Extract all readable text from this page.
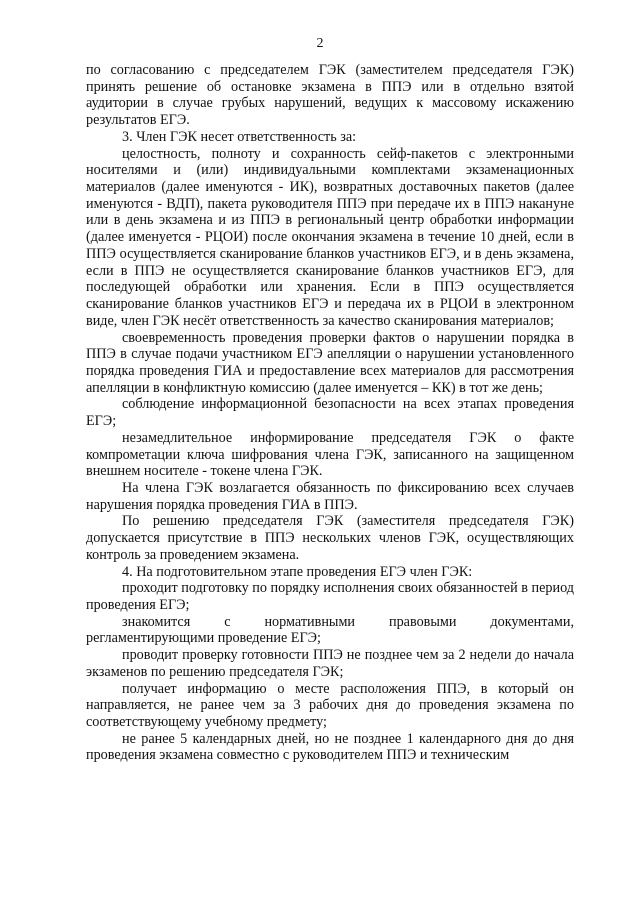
2

по согласованию с председателем ГЭК (заместителем председателя ГЭК) принять решение об остановке экзамена в ППЭ или в отдельно взятой аудитории в случае грубых нарушений, ведущих к массовому искажению результатов ЕГЭ.

3. Член ГЭК несет ответственность за:

целостность, полноту и сохранность сейф-пакетов с электронными носителями и (или) индивидуальными комплектами экзаменационных материалов (далее именуются - ИК), возвратных доставочных пакетов (далее именуются - ВДП), пакета руководителя ППЭ при передаче их в ППЭ накануне или в день экзамена и из ППЭ в региональный центр обработки информации (далее именуется - РЦОИ) после окончания экзамена в течение 10 дней, если в ППЭ осуществляется сканирование бланков участников ЕГЭ, и в день экзамена, если в ППЭ не осуществляется сканирование бланков участников ЕГЭ, для последующей обработки или хранения. Если в ППЭ осуществляется сканирование бланков участников ЕГЭ и передача их в РЦОИ в электронном виде, член ГЭК несёт ответственность за качество сканирования материалов;

своевременность проведения проверки фактов о нарушении порядка в ППЭ в случае подачи участником ЕГЭ апелляции о нарушении установленного порядка проведения ГИА и предоставление всех материалов для рассмотрения апелляции в конфликтную комиссию (далее именуется – КК) в тот же день;

соблюдение информационной безопасности на всех этапах проведения ЕГЭ;

незамедлительное информирование председателя ГЭК о факте компрометации ключа шифрования члена ГЭК, записанного на защищенном внешнем носителе - токене члена ГЭК.

На члена ГЭК возлагается обязанность по фиксированию всех случаев нарушения порядка проведения ГИА в ППЭ.

По решению председателя ГЭК (заместителя председателя ГЭК) допускается присутствие в ППЭ нескольких членов ГЭК, осуществляющих контроль за проведением экзамена.

4. На подготовительном этапе проведения ЕГЭ член ГЭК:

проходит подготовку по порядку исполнения своих обязанностей в период проведения ЕГЭ;

знакомится с нормативными правовыми документами, регламентирующими проведение ЕГЭ;

проводит проверку готовности ППЭ не позднее чем за 2 недели до начала экзаменов по решению председателя ГЭК;

получает информацию о месте расположения ППЭ, в который он направляется, не ранее чем за 3 рабочих дня до проведения экзамена по соответствующему учебному предмету;

не ранее 5 календарных дней, но не позднее 1 календарного дня до дня проведения экзамена совместно с руководителем ППЭ и техническим
